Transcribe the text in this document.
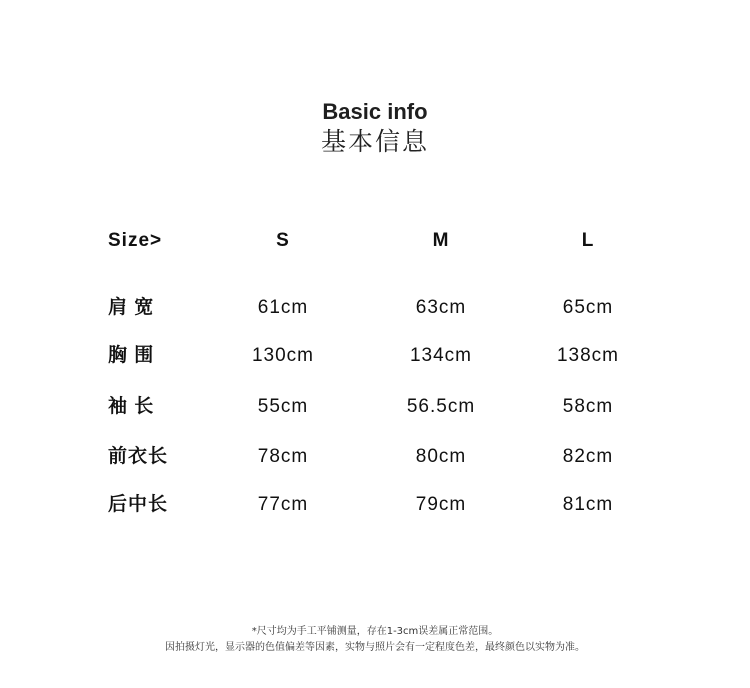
Basic info
基本信息
Size>	S	M	L
肩 宽	61cm	63cm	65cm
胸 围	130cm	134cm	138cm
袖 长	55cm	56.5cm	58cm
前衣长	78cm	80cm	82cm
后中长	77cm	79cm	81cm
*尺寸均为手工平铺测量，存在1-3cm误差属正常范围。
因拍摄灯光，显示器的色值偏差等因素，实物与照片会有一定程度色差，最终颜色以实物为准。
